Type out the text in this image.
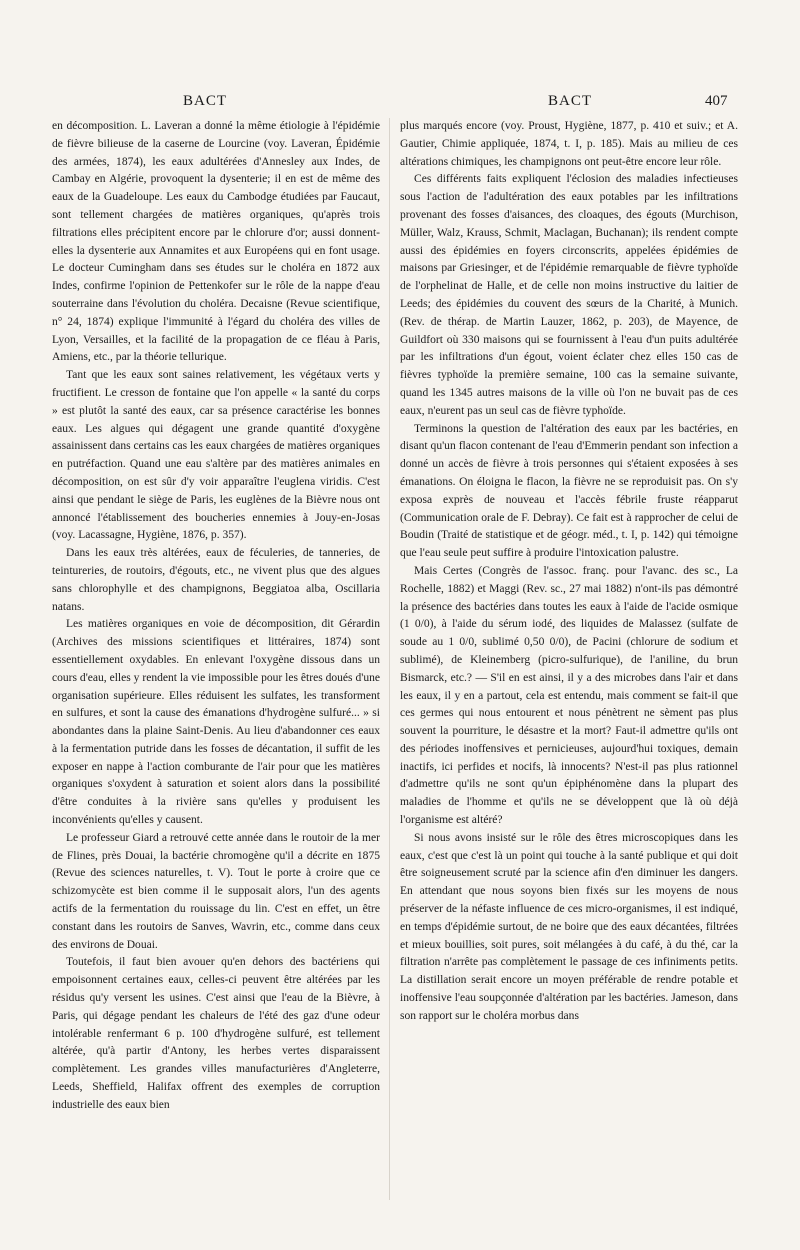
BACT	BACT	407

en décomposition. L. Laveran a donné la même étiologie à l'épidémie de fièvre bilieuse de la caserne de Lourcine (voy. Laveran, Épidémie des armées, 1874), les eaux adultérées d'Annesley aux Indes, de Cambay en Algérie, provoquent la dysenterie; il en est de même des eaux de la Guadeloupe. Les eaux du Cambodge étudiées par Faucaut, sont tellement chargées de matières organiques, qu'après trois filtrations elles précipitent encore par le chlorure d'or; aussi donnent-elles la dysenterie aux Annamites et aux Européens qui en font usage. Le docteur Cumingham dans ses études sur le choléra en 1872 aux Indes, confirme l'opinion de Pettenkofer sur le rôle de la nappe d'eau souterraine dans l'évolution du choléra. Decaisne (Revue scientifique, n° 24, 1874) explique l'immunité à l'égard du choléra des villes de Lyon, Versailles, et la facilité de la propagation de ce fléau à Paris, Amiens, etc., par la théorie tellurique.

Tant que les eaux sont saines relativement, les végétaux verts y fructifient. Le cresson de fontaine que l'on appelle « la santé du corps » est plutôt la santé des eaux, car sa présence caractérise les bonnes eaux. Les algues qui dégagent une grande quantité d'oxygène assainissent dans certains cas les eaux chargées de matières organiques en putréfaction. Quand une eau s'altère par des matières animales en décomposition, on est sûr d'y voir apparaître l'euglena viridis. C'est ainsi que pendant le siège de Paris, les euglènes de la Bièvre nous ont annoncé l'établissement des boucheries ennemies à Jouy-en-Josas (voy. Lacassagne, Hygiène, 1876, p. 357).

Dans les eaux très altérées, eaux de féculeries, de tanneries, de teintureries, de routoirs, d'égouts, etc., ne vivent plus que des algues sans chlorophylle et des champignons, Beggiatoa alba, Oscillaria natans.

Les matières organiques en voie de décomposition, dit Gérardin (Archives des missions scientifiques et littéraires, 1874) sont essentiellement oxydables. En enlevant l'oxygène dissous dans un cours d'eau, elles y rendent la vie impossible pour les êtres doués d'une organisation supérieure. Elles réduisent les sulfates, les transforment en sulfures, et sont la cause des émanations d'hydrogène sulfuré... » si abondantes dans la plaine Saint-Denis. Au lieu d'abandonner ces eaux à la fermentation putride dans les fosses de décantation, il suffit de les exposer en nappe à l'action comburante de l'air pour que les matières organiques s'oxydent à saturation et soient alors dans la possibilité d'être conduites à la rivière sans qu'elles y produisent les inconvénients qu'elles y causent.

Le professeur Giard a retrouvé cette année dans le routoir de la mer de Flines, près Douai, la bactérie chromogène qu'il a décrite en 1875 (Revue des sciences naturelles, t. V). Tout le porte à croire que ce schizomycète est bien comme il le supposait alors, l'un des agents actifs de la fermentation du rouissage du lin. C'est en effet, un être constant dans les routoirs de Sanves, Wavrin, etc., comme dans ceux des environs de Douai.

Toutefois, il faut bien avouer qu'en dehors des bactériens qui empoisonnent certaines eaux, celles-ci peuvent être altérées par les résidus qu'y versent les usines. C'est ainsi que l'eau de la Bièvre, à Paris, qui dégage pendant les chaleurs de l'été des gaz d'une odeur intolérable renfermant 6 p. 100 d'hydrogène sulfuré, est tellement altérée, qu'à partir d'Antony, les herbes vertes disparaissent complètement. Les grandes villes manufacturières d'Angleterre, Leeds, Sheffield, Halifax offrent des exemples de corruption industrielle des eaux bien

plus marqués encore (voy. Proust, Hygiène, 1877, p. 410 et suiv.; et A. Gautier, Chimie appliquée, 1874, t. I, p. 185). Mais au milieu de ces altérations chimiques, les champignons ont peut-être encore leur rôle.

Ces différents faits expliquent l'éclosion des maladies infectieuses sous l'action de l'adultération des eaux potables par les infiltrations provenant des fosses d'aisances, des cloaques, des égouts (Murchison, Müller, Walz, Krauss, Schmit, Maclagan, Buchanan); ils rendent compte aussi des épidémies en foyers circonscrits, appelées épidémies de maisons par Griesinger, et de l'épidémie remarquable de fièvre typhoïde de l'orphelinat de Halle, et de celle non moins instructive du laitier de Leeds; des épidémies du couvent des sœurs de la Charité, à Munich. (Rev. de thérap. de Martin Lauzer, 1862, p. 203), de Mayence, de Guildfort où 330 maisons qui se fournissent à l'eau d'un puits adultérée par les infiltrations d'un égout, voient éclater chez elles 150 cas de fièvres typhoïde la première semaine, 100 cas la semaine suivante, quand les 1345 autres maisons de la ville où l'on ne buvait pas de ces eaux, n'eurent pas un seul cas de fièvre typhoïde.

Terminons la question de l'altération des eaux par les bactéries, en disant qu'un flacon contenant de l'eau d'Emmerin pendant son infection a donné un accès de fièvre à trois personnes qui s'étaient exposées à ses émanations. On éloigna le flacon, la fièvre ne se reproduisit pas. On s'y exposa exprès de nouveau et l'accès fébrile fruste réapparut (Communication orale de F. Debray). Ce fait est à rapprocher de celui de Boudin (Traité de statistique et de géogr. méd., t. I, p. 142) qui témoigne que l'eau seule peut suffire à produire l'intoxication palustre.

Mais Certes (Congrès de l'assoc. franç. pour l'avanc. des sc., La Rochelle, 1882) et Maggi (Rev. sc., 27 mai 1882) n'ont-ils pas démontré la présence des bactéries dans toutes les eaux à l'aide de l'acide osmique (1 0/0), à l'aide du sérum iodé, des liquides de Malassez (sulfate de soude au 1 0/0, sublimé 0,50 0/0), de Pacini (chlorure de sodium et sublimé), de Kleinemberg (picro-sulfurique), de l'aniline, du brun Bismarck, etc.? — S'il en est ainsi, il y a des microbes dans l'air et dans les eaux, il y en a partout, cela est entendu, mais comment se fait-il que ces germes qui nous entourent et nous pénètrent ne sèment pas plus souvent la pourriture, le désastre et la mort? Faut-il admettre qu'ils ont des périodes inoffensives et pernicieuses, aujourd'hui toxiques, demain inactifs, ici perfides et nocifs, là innocents? N'est-il pas plus rationnel d'admettre qu'ils ne sont qu'un épiphénomène dans la plupart des maladies de l'homme et qu'ils ne se développent que là où déjà l'organisme est altéré?

Si nous avons insisté sur le rôle des êtres microscopiques dans les eaux, c'est que c'est là un point qui touche à la santé publique et qui doit être soigneusement scruté par la science afin d'en diminuer les dangers. En attendant que nous soyons bien fixés sur les moyens de nous préserver de la néfaste influence de ces micro-organismes, il est indiqué, en temps d'épidémie surtout, de ne boire que des eaux décantées, filtrées et mieux bouillies, soit pures, soit mélangées à du café, à du thé, car la filtration n'arrête pas complètement le passage de ces infiniments petits. La distillation serait encore un moyen préférable de rendre potable et inoffensive l'eau soupçonnée d'altération par les bactéries. Jameson, dans son rapport sur le choléra morbus dans
